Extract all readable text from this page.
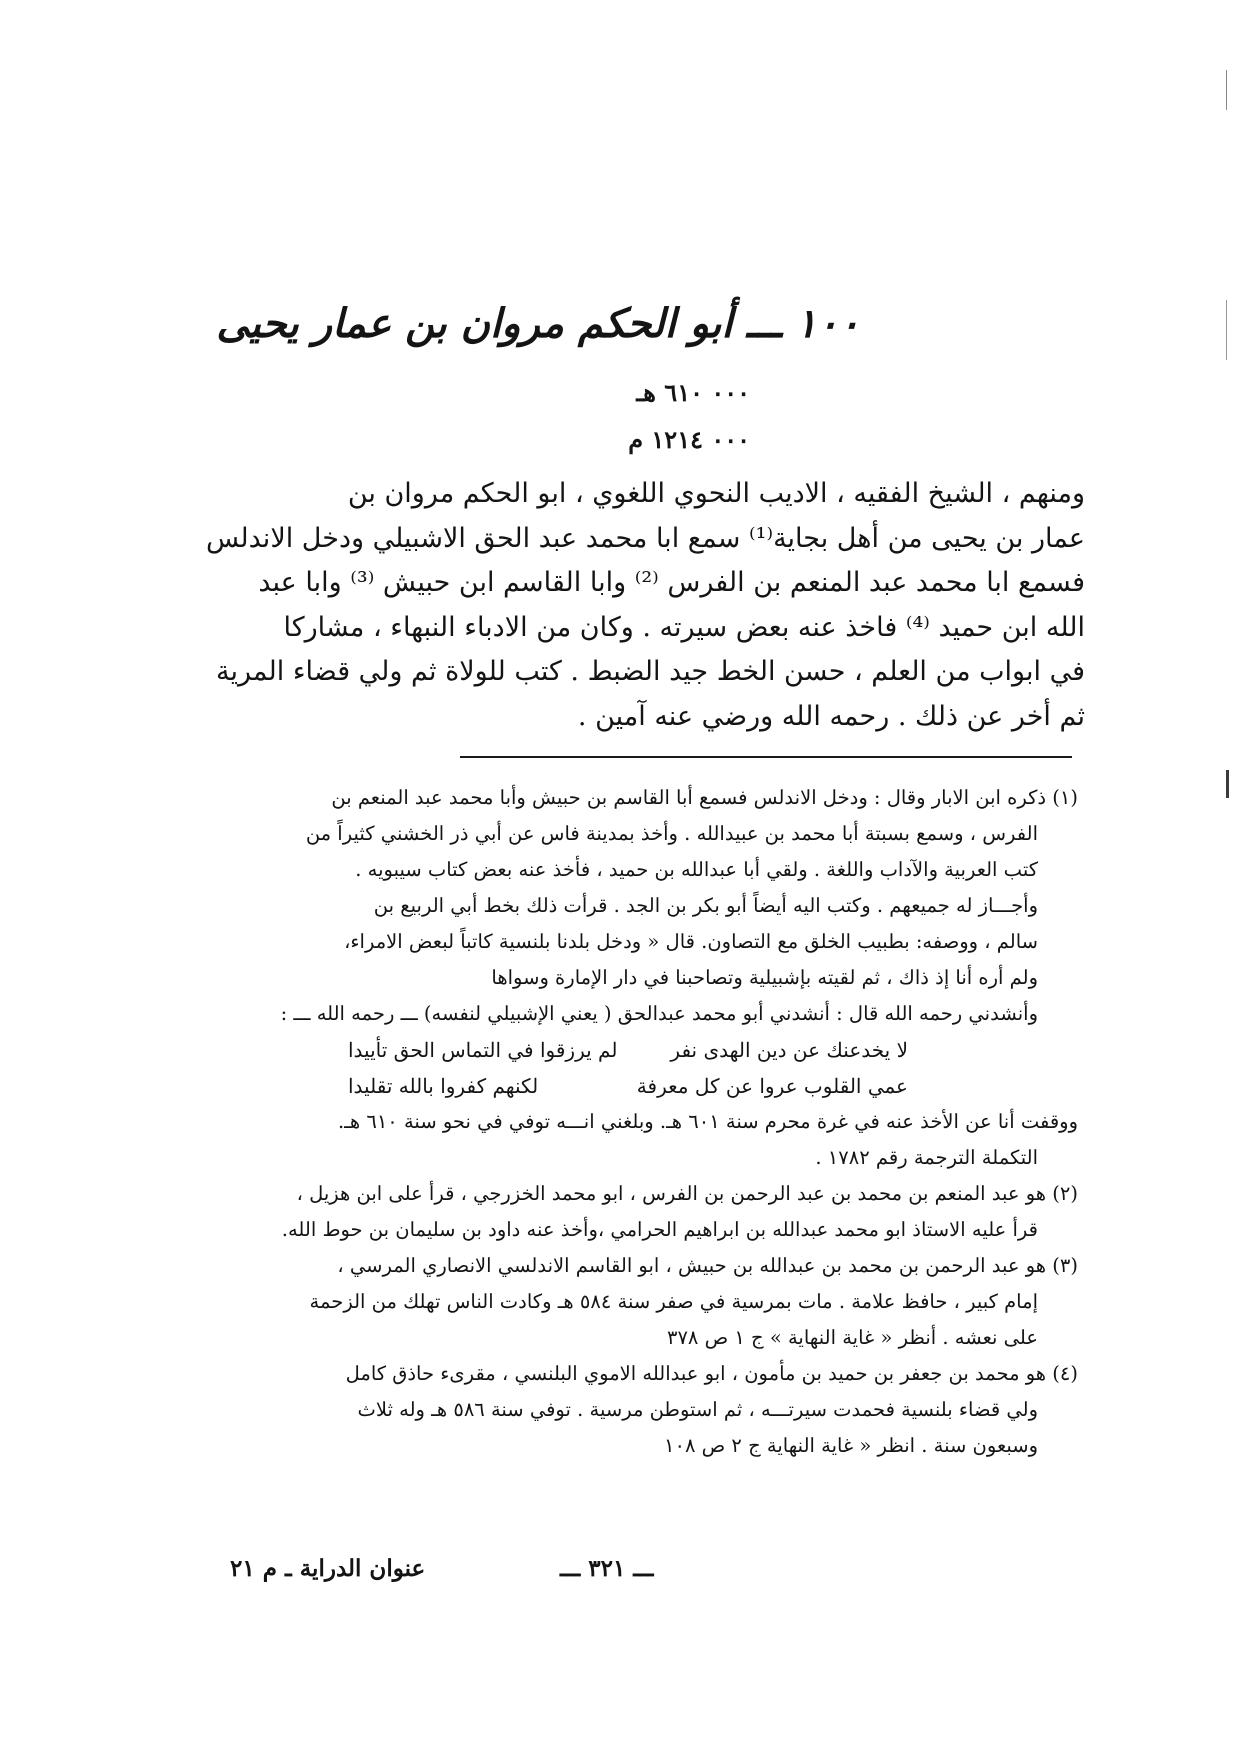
١٠٠ ـــ أبو الحكم مروان بن عمار يحيى
٠٠٠ ٦١٠ هـ
٠٠٠ ١٢١٤ م

ومنهم ، الشيخ الفقيه ، الاديب النحوي اللغوي ، ابو الحكم مروان بن

عمار بن يحيى من أهل بجاية⁽¹⁾ سمع ابا محمد عبد الحق الاشبيلي ودخل الاندلس

فسمع ابا محمد عبد المنعم بن الفرس ⁽²⁾ وابا القاسم ابن حبيش ⁽³⁾ وابا عبد

الله ابن حميد ⁽⁴⁾ فاخذ عنه بعض سيرته . وكان من الادباء النبهاء ، مشاركا

في ابواب من العلم ، حسن الخط جيد الضبط . كتب للولاة ثم ولي قضاء المرية

ثم أخر عن ذلك . رحمه الله ورضي عنه آمين .

(١) ذكره ابن الابار وقال : ودخل الاندلس فسمع أبا القاسم بن حبيش وأبا محمد عبد المنعم بن

الفرس ، وسمع بسبتة أبا محمد بن عبيدالله . وأخذ بمدينة فاس عن أبي ذر الخشني كثيراً من

كتب العربية والآداب واللغة . ولقي أبا عبدالله بن حميد ، فأخذ عنه بعض كتاب سيبويه .

وأجـــاز له جميعهم . وكتب اليه أيضاً أبو بكر بن الجد . قرأت ذلك بخط أبي الربيع بن

سالم ، ووصفه: بطبيب الخلق مع التصاون. قال « ودخل بلدنا بلنسية كاتباً لبعض الامراء،

ولم أره أنا إذ ذاك ، ثم لقيته بإشبيلية وتصاحبنا في دار الإمارة وسواها

وأنشدني رحمه الله قال : أنشدني أبو محمد عبدالحق ( يعني الإشبيلي لنفسه) ـــ رحمه الله ـــ :

لا يخدعنك عن دين الهدى نفر
لم يرزقوا في التماس الحق تأييدا
عمي القلوب عروا عن كل معرفة
لكنهم كفروا بالله تقليدا

ووقفت أنا عن الأخذ عنه في غرة محرم سنة ٦٠١ هـ. وبلغني انـــه توفي في نحو سنة ٦١٠ هـ.

التكملة الترجمة رقم ١٧٨٢ .

(٢) هو عبد المنعم بن محمد بن عبد الرحمن بن الفرس ، ابو محمد الخزرجي ، قرأ على ابن هزيل ،

قرأ عليه الاستاذ ابو محمد عبدالله بن ابراهيم الحرامي ،وأخذ عنه داود بن سليمان بن حوط الله.

(٣) هو عبد الرحمن بن محمد بن عبدالله بن حبيش ، ابو القاسم الاندلسي الانصاري المرسي ،

إمام كبير ، حافظ علامة . مات بمرسية في صفر سنة ٥٨٤ هـ وكادت الناس تهلك من الزحمة

على نعشه . أنظر « غاية النهاية » ج ١ ص ٣٧٨

(٤) هو محمد بن جعفر بن حميد بن مأمون ، ابو عبدالله الاموي البلنسي ، مقرىء حاذق كامل

ولي قضاء بلنسية فحمدت سيرتـــه ، ثم استوطن مرسية . توفي سنة ٥٨٦ هـ وله ثلاث

وسبعون سنة . انظر « غاية النهاية ج ٢ ص ١٠٨

ـــ ٣٢١ ـــ
عنوان الدراية ـ م ٢١
